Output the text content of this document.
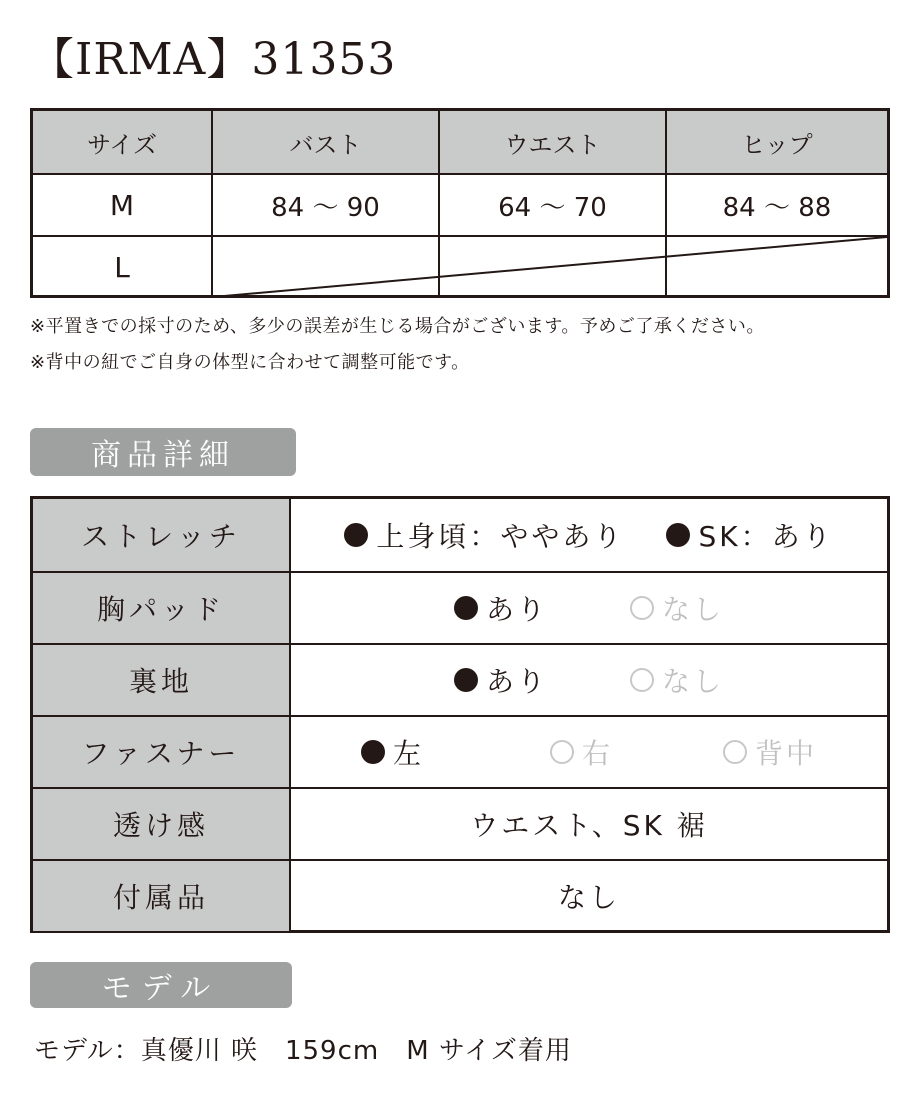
【IRMA】31353
サイズ	バスト	ウエスト	ヒップ
M	84 〜 90	64 〜 70	84 〜 88
L
※平置きでの採寸のため、多少の誤差が生じる場合がございます。予めご了承ください。
※背中の紐でご自身の体型に合わせて調整可能です。
商品詳細
ストレッチ	上身頃：ややあり	SK：あり
胸パッド	あり	なし
裏地	あり	なし
ファスナー	左	右	背中
透け感	ウエスト、SK 裾
付属品	なし
モデル
モデル：真優川 咲　159cm　M サイズ着用
